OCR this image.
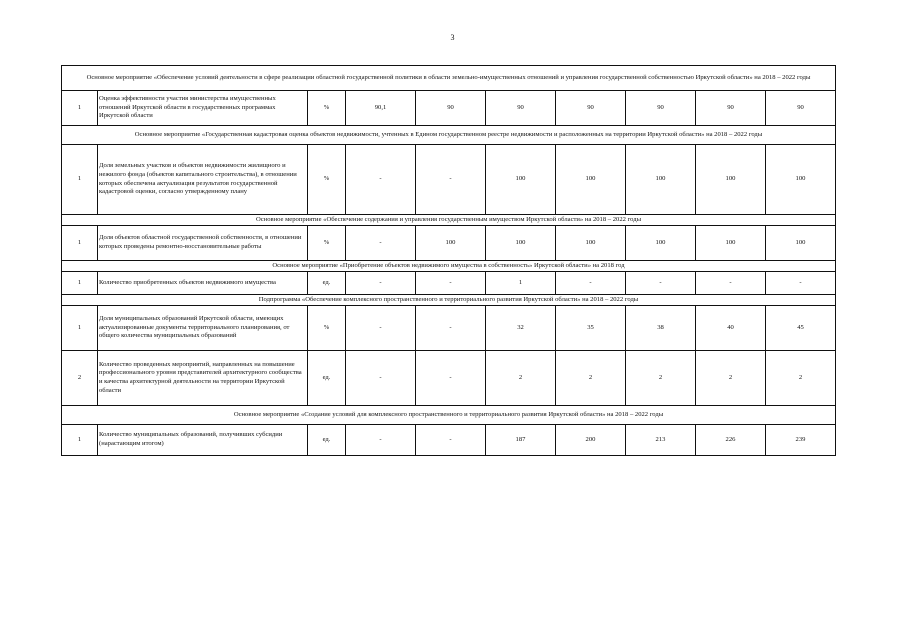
3
Основное мероприятие «Обеспечение условий деятельности в сфере реализации областной государственной политики в области земельно-имущественных отношений и управления государственной собственностью Иркутской области» на 2018 – 2022 годы									
1	Оценка эффективности участия министерства имущественных отношений Иркутской области в государственных программах Иркутской области	%	90,1	90	90	90	90	90	90
Основное мероприятие «Государственная кадастровая оценка объектов недвижимости, учтенных в Едином государственном реестре недвижимости и расположенных на территории Иркутской области» на 2018 – 2022 годы									
1	Доля земельных участков и объектов недвижимости жилищного и нежилого фонда (объектов капитального строительства), в отношении которых обеспечена актуализация результатов государственной кадастровой оценки, согласно утвержденному плану	%	-	-	100	100	100	100	100
Основное мероприятие «Обеспечение содержания и управления государственным имуществом Иркутской области» на 2018 – 2022 годы									
1	Доля объектов областной государственной собственности, в отношении которых проведены ремонтно-восстановительные работы	%	-	100	100	100	100	100	100
Основное мероприятие «Приобретение объектов недвижимого имущества в собственность» Иркутской области» на 2018 год									
1	Количество приобретенных объектов недвижимого имущества	ед.	-	-	1	-	-	-	-
Подпрограмма «Обеспечение комплексного пространственного и территориального развития Иркутской области» на 2018 – 2022 годы									
1	Доля муниципальных образований Иркутской области, имеющих актуализированные документы территориального планирования, от общего количества муниципальных образований	%	-	-	32	35	38	40	45
2	Количество проведенных мероприятий, направленных на повышение профессионального уровня представителей архитектурного сообщества и качества архитектурной деятельности на территории Иркутской области	ед.	-	-	2	2	2	2	2
Основное мероприятие «Создание условий для комплексного пространственного и территориального развития Иркутской области» на 2018 – 2022 годы									
1	Количество муниципальных образований, получивших субсидии (нарастающим итогом)	ед.	-	-	187	200	213	226	239
